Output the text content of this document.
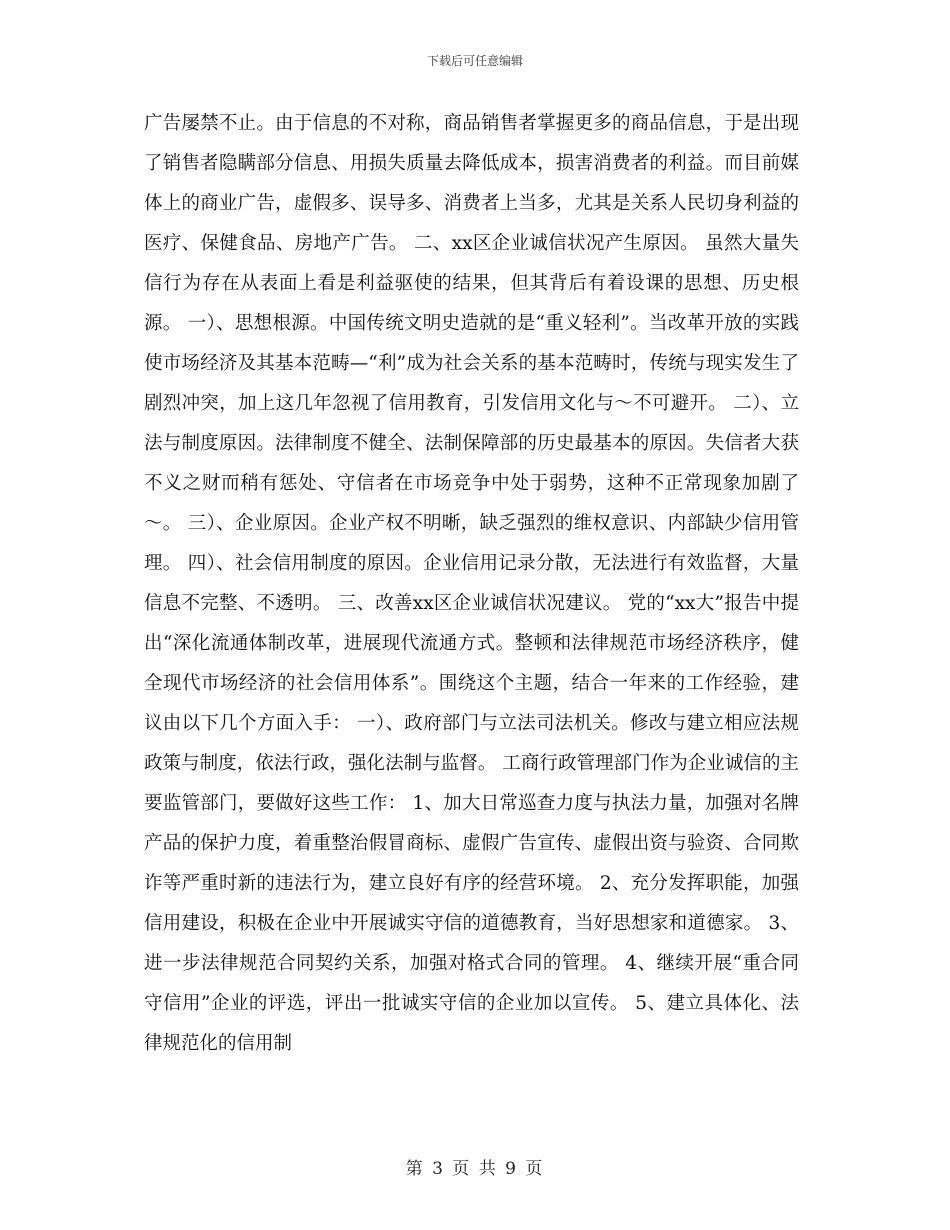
下载后可任意编辑

广告屡禁不止。由于信息的不对称，商品销售者掌握更多的商品信息，于是出现了销售者隐瞒部分信息、用损失质量去降低成本，损害消费者的利益。而目前媒体上的商业广告，虚假多、误导多、消费者上当多，尤其是关系人民切身利益的医疗、保健食品、房地产广告。 二、xx区企业诚信状况产生原因。 虽然大量失信行为存在从表面上看是利益驱使的结果，但其背后有着设课的思想、历史根源。 一）、思想根源。中国传统文明史造就的是“重义轻利”。当改革开放的实践使市场经济及其基本范畴—“利”成为社会关系的基本范畴时，传统与现实发生了剧烈冲突，加上这几年忽视了信用教育，引发信用文化与～不可避开。 二）、立法与制度原因。法律制度不健全、法制保障部的历史最基本的原因。失信者大获不义之财而稍有惩处、守信者在市场竞争中处于弱势，这种不正常现象加剧了～。 三）、企业原因。企业产权不明晰，缺乏强烈的维权意识、内部缺少信用管理。 四）、社会信用制度的原因。企业信用记录分散，无法进行有效监督，大量信息不完整、不透明。 三、改善xx区企业诚信状况建议。 党的“xx大”报告中提出“深化流通体制改革，进展现代流通方式。整顿和法律规范市场经济秩序，健全现代市场经济的社会信用体系”。围绕这个主题，结合一年来的工作经验，建议由以下几个方面入手： 一）、政府部门与立法司法机关。修改与建立相应法规政策与制度，依法行政，强化法制与监督。 工商行政管理部门作为企业诚信的主要监管部门，要做好这些工作： 1、加大日常巡查力度与执法力量，加强对名牌产品的保护力度，着重整治假冒商标、虚假广告宣传、虚假出资与验资、合同欺诈等严重时新的违法行为，建立良好有序的经营环境。 2、充分发挥职能，加强信用建设，积极在企业中开展诚实守信的道德教育，当好思想家和道德家。 3、进一步法律规范合同契约关系，加强对格式合同的管理。 4、继续开展“重合同守信用”企业的评选，评出一批诚实守信的企业加以宣传。 5、建立具体化、法律规范化的信用制

第 3 页 共 9 页
